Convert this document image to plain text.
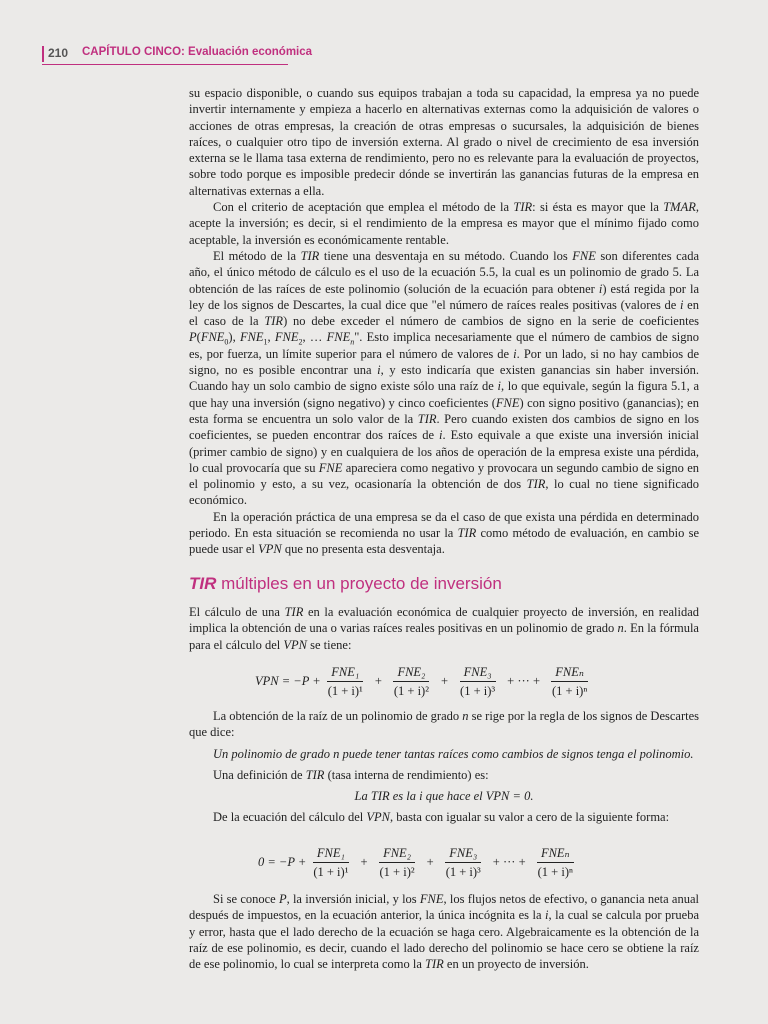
210 CAPÍTULO CINCO: Evaluación económica

su espacio disponible, o cuando sus equipos trabajan a toda su capacidad, la empresa ya no puede invertir internamente y empieza a hacerlo en alternativas externas como la adquisición de valores o acciones de otras empresas, la creación de otras empresas o sucursales, la adquisición de bienes raíces, o cualquier otro tipo de inversión externa. Al grado o nivel de crecimiento de esa inversión externa se le llama tasa externa de rendimiento, pero no es relevante para la evaluación de proyectos, sobre todo porque es imposible predecir dónde se invertirán las ganancias futuras de la empresa en alternativas externas a ella.

Con el criterio de aceptación que emplea el método de la TIR: si ésta es mayor que la TMAR, acepte la inversión; es decir, si el rendimiento de la empresa es mayor que el mínimo fijado como aceptable, la inversión es económicamente rentable.

El método de la TIR tiene una desventaja en su método. Cuando los FNE son diferentes cada año, el único método de cálculo es el uso de la ecuación 5.5, la cual es un polinomio de grado 5. La obtención de las raíces de este polinomio (solución de la ecuación para obtener i) está regida por la ley de los signos de Descartes, la cual dice que "el número de raíces reales positivas (valores de i en el caso de la TIR) no debe exceder el número de cambios de signo en la serie de coeficientes $P(FNE_0)$, $FNE_1$, $FNE_2$, … $FNE_n$". Esto implica necesariamente que el número de cambios de signo es, por fuerza, un límite superior para el número de valores de i. Por un lado, si no hay cambios de signo, no es posible encontrar una i, y esto indicaría que existen ganancias sin haber inversión. Cuando hay un solo cambio de signo existe sólo una raíz de i, lo que equivale, según la figura 5.1, a que hay una inversión (signo negativo) y cinco coeficientes (FNE) con signo positivo (ganancias); en esta forma se encuentra un solo valor de la TIR. Pero cuando existen dos cambios de signo en los coeficientes, se pueden encontrar dos raíces de i. Esto equivale a que existe una inversión inicial (primer cambio de signo) y en cualquiera de los años de operación de la empresa existe una pérdida, lo cual provocaría que su FNE apareciera como negativo y provocara un segundo cambio de signo en el polinomio y esto, a su vez, ocasionaría la obtención de dos TIR, lo cual no tiene significado económico.

En la operación práctica de una empresa se da el caso de que exista una pérdida en determinado periodo. En esta situación se recomienda no usar la TIR como método de evaluación, en cambio se puede usar el VPN que no presenta esta desventaja.

TIR múltiples en un proyecto de inversión

El cálculo de una TIR en la evaluación económica de cualquier proyecto de inversión, en realidad implica la obtención de una o varias raíces reales positivas en un polinomio de grado n. En la fórmula para el cálculo del VPN se tiene:

VPN = $-P + \frac{\text{FNE₁}}{\text{(1 + i)¹}} + \frac{\text{FNE₂}}{\text{(1 + i)²}} + \frac{\text{FNE₃}}{\text{(1 + i)³}}$ + ··· + $\frac{\text{FNEₙ}}{\text{(1 + i)ⁿ}}$

La obtención de la raíz de un polinomio de grado n se rige por la regla de los signos de Descartes que dice:

Un polinomio de grado n puede tener tantas raíces como cambios de signos tenga el polinomio.

Una definición de TIR (tasa interna de rendimiento) es:

La TIR es la i que hace el VPN = 0.

De la ecuación del cálculo del VPN, basta con igualar su valor a cero de la siguiente forma:

$0 = -P + \frac{\text{FNE₁}}{\text{(1 + i)¹}} + \frac{\text{FNE₂}}{\text{(1 + i)²}} + \frac{\text{FNE₃}}{\text{(1 + i)³}}$ + ··· + $\frac{\text{FNEₙ}}{\text{(1 + i)ⁿ}}$

Si se conoce P, la inversión inicial, y los FNE, los flujos netos de efectivo, o ganancia neta anual después de impuestos, en la ecuación anterior, la única incógnita es la i, la cual se calcula por prueba y error, hasta que el lado derecho de la ecuación se haga cero. Algebraicamente es la obtención de la raíz de ese polinomio, es decir, cuando el lado derecho del polinomio se hace cero se obtiene la raíz de ese polinomio, lo cual se interpreta como la TIR en un proyecto de inversión.
